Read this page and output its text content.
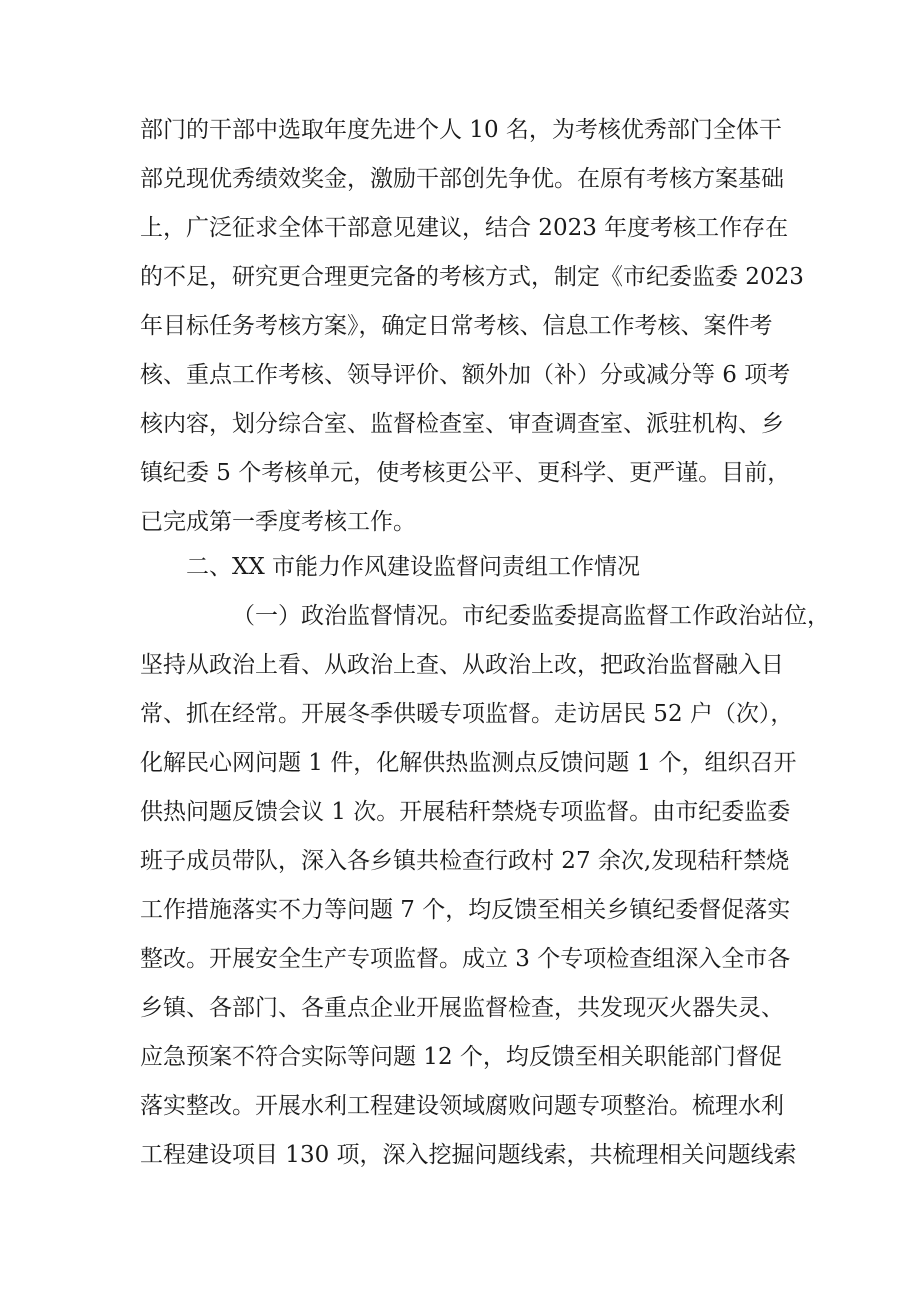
部门的干部中选取年度先进个人 10 名，为考核优秀部门全体干
部兑现优秀绩效奖金，激励干部创先争优。在原有考核方案基础
上，广泛征求全体干部意见建议，结合 2023 年度考核工作存在
的不足，研究更合理更完备的考核方式，制定《市纪委监委 2023
年目标任务考核方案》，确定日常考核、信息工作考核、案件考
核、重点工作考核、领导评价、额外加（补）分或减分等 6 项考
核内容，划分综合室、监督检查室、审查调查室、派驻机构、乡
镇纪委 5 个考核单元，使考核更公平、更科学、更严谨。目前，
已完成第一季度考核工作。
二、XX 市能力作风建设监督问责组工作情况
（一）政治监督情况。市纪委监委提高监督工作政治站位，
坚持从政治上看、从政治上查、从政治上改，把政治监督融入日
常、抓在经常。开展冬季供暖专项监督。走访居民 52 户（次），
化解民心网问题 1 件，化解供热监测点反馈问题 1 个，组织召开
供热问题反馈会议 1 次。开展秸秆禁烧专项监督。由市纪委监委
班子成员带队，深入各乡镇共检查行政村 27 余次,发现秸秆禁烧
工作措施落实不力等问题 7 个，均反馈至相关乡镇纪委督促落实
整改。开展安全生产专项监督。成立 3 个专项检查组深入全市各
乡镇、各部门、各重点企业开展监督检查，共发现灭火器失灵、
应急预案不符合实际等问题 12 个，均反馈至相关职能部门督促
落实整改。开展水利工程建设领域腐败问题专项整治。梳理水利
工程建设项目 130 项，深入挖掘问题线索，共梳理相关问题线索
